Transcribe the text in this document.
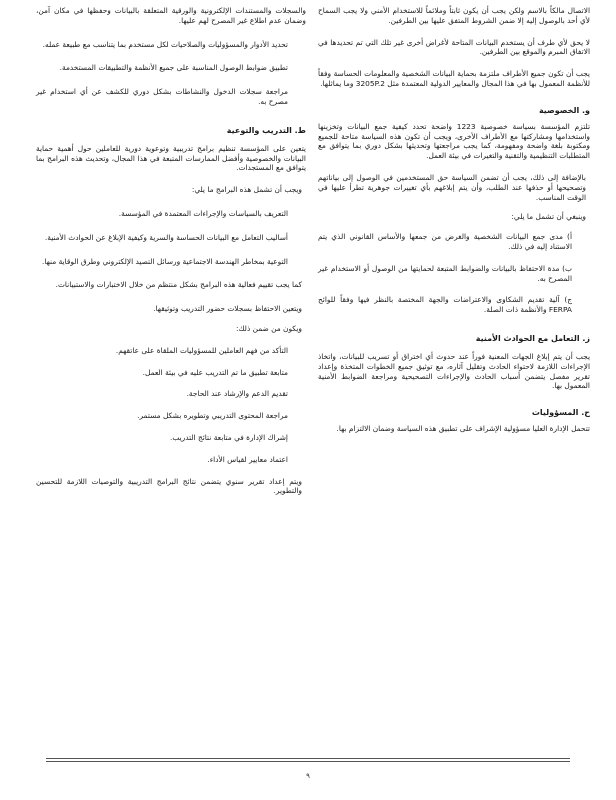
الاتصال مالكاً بالاسم ولكن يجب أن يكون ثابتاً وملائماً للاستخدام الأمني ولا يجب السماح لأي أحد بالوصول إليه إلا ضمن الشروط المتفق عليها بين الطرفين.

لا يحق لأي طرف أن يستخدم البيانات المتاحة لأغراض أخرى غير تلك التي تم تحديدها في الاتفاق المبرم والموقع بين الطرفين.

يجب أن تكون جميع الأطراف ملتزمة بحماية البيانات الشخصية والمعلومات الحساسة وفقاً للأنظمة المعمول بها في هذا المجال والمعايير الدولية المعتمدة مثل 3205P.2 وما يماثلها.

و. الخصوصية

تلتزم المؤسسة بسياسة خصوصية 1223 واضحة تحدد كيفية جمع البيانات وتخزينها واستخدامها ومشاركتها مع الأطراف الأخرى، ويجب أن تكون هذه السياسة متاحة للجميع ومكتوبة بلغة واضحة ومفهومة، كما يجب مراجعتها وتحديثها بشكل دوري بما يتوافق مع المتطلبات التنظيمية والتقنية والتغيرات في بيئة العمل.

بالإضافة إلى ذلك، يجب أن تضمن السياسة حق المستخدمين في الوصول إلى بياناتهم وتصحيحها أو حذفها عند الطلب، وأن يتم إبلاغهم بأي تغييرات جوهرية تطرأ عليها في الوقت المناسب.

وينبغي أن تشمل ما يلي:

أ) مدى جمع البيانات الشخصية والغرض من جمعها والأساس القانوني الذي يتم الاستناد إليه في ذلك.

ب) مدة الاحتفاظ بالبيانات والضوابط المتبعة لحمايتها من الوصول أو الاستخدام غير المصرح به.

ج) آلية تقديم الشكاوى والاعتراضات والجهة المختصة بالنظر فيها وفقاً للوائح FERPA والأنظمة ذات الصلة.

ز. التعامل مع الحوادث الأمنية

يجب أن يتم إبلاغ الجهات المعنية فوراً عند حدوث أي اختراق أو تسريب للبيانات، واتخاذ الإجراءات اللازمة لاحتواء الحادث وتقليل آثاره، مع توثيق جميع الخطوات المتخذة وإعداد تقرير مفصل يتضمن أسباب الحادث والإجراءات التصحيحية ومراجعة الضوابط الأمنية المعمول بها.

ح. المسؤوليات

تتحمل الإدارة العليا مسؤولية الإشراف على تطبيق هذه السياسة وضمان الالتزام بها.

والسجلات والمستندات الإلكترونية والورقية المتعلقة بالبيانات وحفظها في مكان آمن، وضمان عدم اطلاع غير المصرح لهم عليها.

تحديد الأدوار والمسؤوليات والصلاحيات لكل مستخدم بما يتناسب مع طبيعة عمله.

تطبيق ضوابط الوصول المناسبة على جميع الأنظمة والتطبيقات المستخدمة.

مراجعة سجلات الدخول والنشاطات بشكل دوري للكشف عن أي استخدام غير مصرح به.

ط. التدريب والتوعية

يتعين على المؤسسة تنظيم برامج تدريبية وتوعوية دورية للعاملين حول أهمية حماية البيانات والخصوصية وأفضل الممارسات المتبعة في هذا المجال، وتحديث هذه البرامج بما يتوافق مع المستجدات.

ويجب أن تشمل هذه البرامج ما يلي:

التعريف بالسياسات والإجراءات المعتمدة في المؤسسة.

أساليب التعامل مع البيانات الحساسة والسرية وكيفية الإبلاغ عن الحوادث الأمنية.

التوعية بمخاطر الهندسة الاجتماعية ورسائل التصيد الإلكتروني وطرق الوقاية منها.

كما يجب تقييم فعالية هذه البرامج بشكل منتظم من خلال الاختبارات والاستبيانات.

ويتعين الاحتفاظ بسجلات حضور التدريب وتوثيقها.

ويكون من ضمن ذلك:

التأكد من فهم العاملين للمسؤوليات الملقاة على عاتقهم.

متابعة تطبيق ما تم التدريب عليه في بيئة العمل.

تقديم الدعم والإرشاد عند الحاجة.

مراجعة المحتوى التدريبي وتطويره بشكل مستمر.

إشراك الإدارة في متابعة نتائج التدريب.

اعتماد معايير لقياس الأداء.

ويتم إعداد تقرير سنوي يتضمن نتائج البرامج التدريبية والتوصيات اللازمة للتحسين والتطوير.

٩
